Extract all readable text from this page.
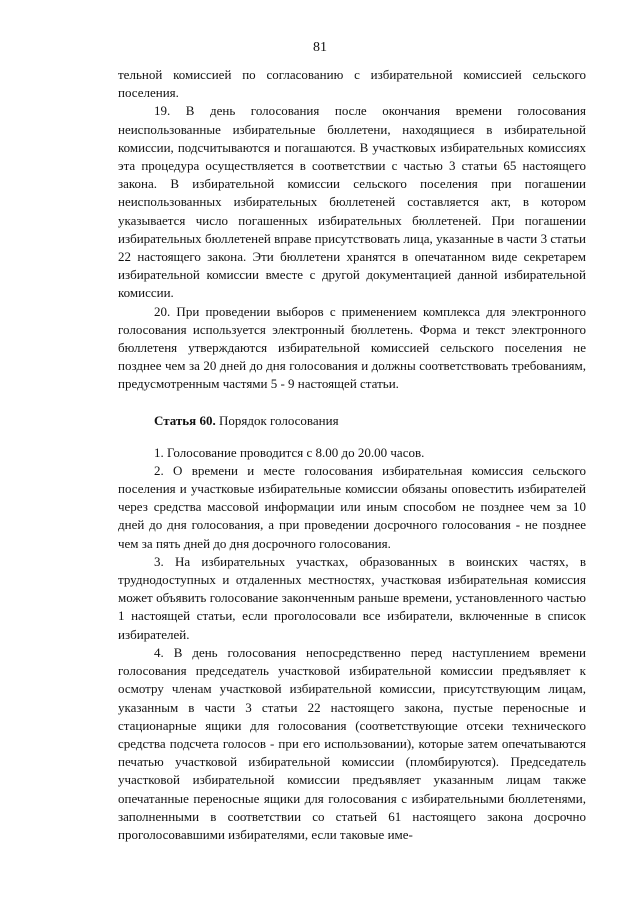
81

тельной комиссией по согласованию с избирательной комиссией сельского поселения.

19. В день голосования после окончания времени голосования неиспользованные избирательные бюллетени, находящиеся в избирательной комиссии, подсчитываются и погашаются. В участковых избирательных комиссиях эта процедура осуществляется в соответствии с частью 3 статьи 65 настоящего закона. В избирательной комиссии сельского поселения при погашении неиспользованных избирательных бюллетеней составляется акт, в котором указывается число погашенных избирательных бюллетеней. При погашении избирательных бюллетеней вправе присутствовать лица, указанные в части 3 статьи 22 настоящего закона. Эти бюллетени хранятся в опечатанном виде секретарем избирательной комиссии вместе с другой документацией данной избирательной комиссии.

20. При проведении выборов с применением комплекса для электронного голосования используется электронный бюллетень. Форма и текст электронного бюллетеня утверждаются избирательной комиссией сельского поселения не позднее чем за 20 дней до дня голосования и должны соответствовать требованиям, предусмотренным частями 5 - 9 настоящей статьи.

Статья 60. Порядок голосования

1. Голосование проводится с 8.00 до 20.00 часов.

2. О времени и месте голосования избирательная комиссия сельского поселения и участковые избирательные комиссии обязаны оповестить избирателей через средства массовой информации или иным способом не позднее чем за 10 дней до дня голосования, а при проведении досрочного голосования - не позднее чем за пять дней до дня досрочного голосования.

3. На избирательных участках, образованных в воинских частях, в труднодоступных и отдаленных местностях, участковая избирательная комиссия может объявить голосование законченным раньше времени, установленного частью 1 настоящей статьи, если проголосовали все избиратели, включенные в список избирателей.

4. В день голосования непосредственно перед наступлением времени голосования председатель участковой избирательной комиссии предъявляет к осмотру членам участковой избирательной комиссии, присутствующим лицам, указанным в части 3 статьи 22 настоящего закона, пустые переносные и стационарные ящики для голосования (соответствующие отсеки технического средства подсчета голосов - при его использовании), которые затем опечатываются печатью участковой избирательной комиссии (пломбируются). Председатель участковой избирательной комиссии предъявляет указанным лицам также опечатанные переносные ящики для голосования с избирательными бюллетенями, заполненными в соответствии со статьей 61 настоящего закона досрочно проголосовавшими избирателями, если таковые име-
